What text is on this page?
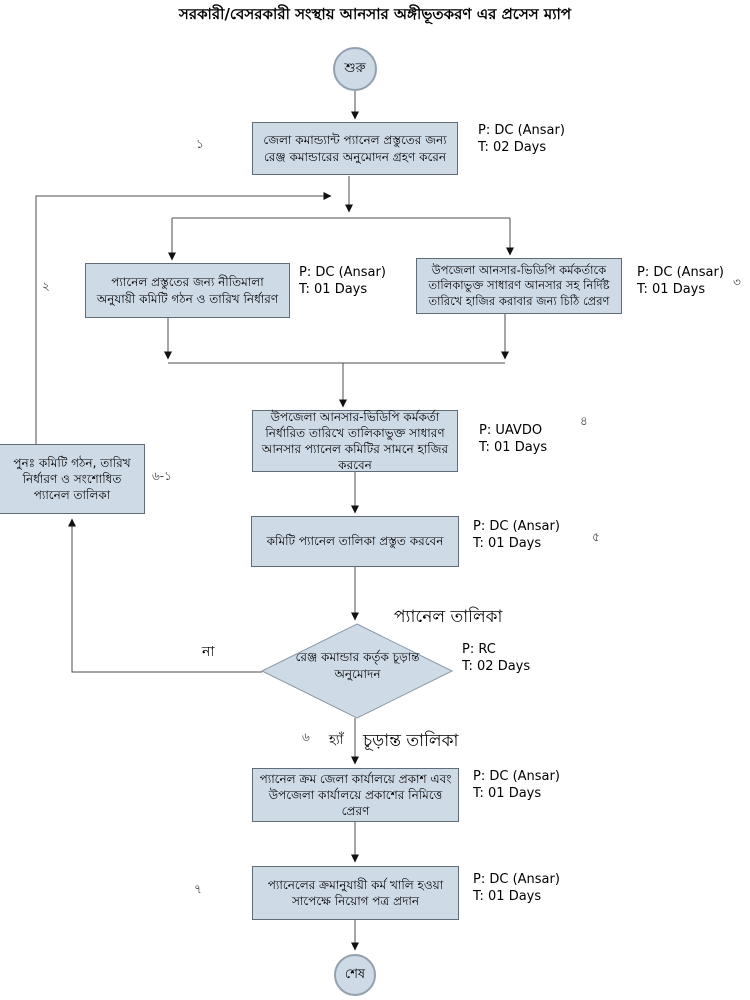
সরকারী/বেসরকারী সংস্থায় আনসার অঙ্গীভূতকরণ এর প্রসেস ম্যাপ
শুরু
জেলা কমান্ড্যান্ট প্যানেল প্রস্তুতের জন্য রেঞ্জ কমান্ডারের অনুমোদন গ্রহণ করেন
প্যানেল প্রস্তুতের জন্য নীতিমালা অনুযায়ী কমিটি গঠন ও তারিখ নির্ধারণ
উপজেলা আনসার-ভিডিপি কর্মকর্তাকে তালিকাভুক্ত সাধারণ আনসার সহ নির্দিষ্ট তারিখে হাজির করাবার জন্য চিঠি প্রেরণ
উপজেলা আনসার-ভিডিপি কর্মকর্তা নির্ধারিত তারিখে তালিকাভুক্ত সাধারণ আনসার প্যানেল কমিটির সামনে হাজির করবেন
পুনঃ কমিটি গঠন, তারিখ নির্ধারণ ও সংশোধিত প্যানেল তালিকা
কমিটি প্যানেল তালিকা প্রস্তুত করবেন
রেঞ্জ কমান্ডার কর্তৃক চূড়ান্ত অনুমোদন
প্যানেল ক্রম জেলা কার্যালয়ে প্রকাশ এবং উপজেলা কার্যালয়ে প্রকাশের নিমিত্তে প্রেরণ
প্যানেলের ক্রমানুযায়ী কর্ম খালি হওয়া সাপেক্ষে নিয়োগ পত্র প্রদান
শেষ
P: DC (Ansar)
T: 02 Days
P: DC (Ansar)
T: 01 Days
P: DC (Ansar)
T: 01 Days
P: UAVDO
T: 01 Days
P: DC (Ansar)
T: 01 Days
P: RC
T: 02 Days
P: DC (Ansar)
T: 01 Days
P: DC (Ansar)
T: 01 Days
১
২	৩
৪
৫
৬
৬-১
৭
প্যানেল তালিকা
চূড়ান্ত তালিকা
না
হ্যাঁ
